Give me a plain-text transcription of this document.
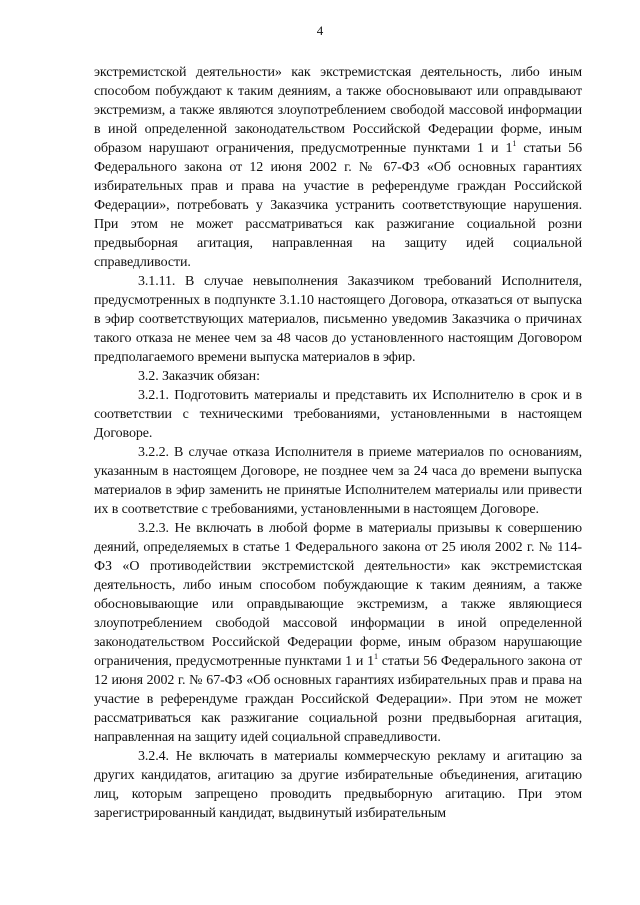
4

экстремистской деятельности» как экстремистская деятельность, либо иным способом побуждают к таким деяниям, а также обосновывают или оправдывают экстремизм, а также являются злоупотреблением свободой массовой информации в иной определенной законодательством Российской Федерации форме, иным образом нарушают ограничения, предусмотренные пунктами 1 и $1^1$ статьи 56 Федерального закона от 12 июня 2002 г. № 67-ФЗ «Об основных гарантиях избирательных прав и права на участие в референдуме граждан Российской Федерации», потребовать у Заказчика устранить соответствующие нарушения. При этом не может рассматриваться как разжигание социальной розни предвыборная агитация, направленная на защиту идей социальной справедливости.

3.1.11. В случае невыполнения Заказчиком требований Исполнителя, предусмотренных в подпункте 3.1.10 настоящего Договора, отказаться от выпуска в эфир соответствующих материалов, письменно уведомив Заказчика о причинах такого отказа не менее чем за 48 часов до установленного настоящим Договором предполагаемого времени выпуска материалов в эфир.

3.2. Заказчик обязан:

3.2.1. Подготовить материалы и представить их Исполнителю в срок и в соответствии с техническими требованиями, установленными в настоящем Договоре.

3.2.2. В случае отказа Исполнителя в приеме материалов по основаниям, указанным в настоящем Договоре, не позднее чем за 24 часа до времени выпуска материалов в эфир заменить не принятые Исполнителем материалы или привести их в соответствие с требованиями, установленными в настоящем Договоре.

3.2.3. Не включать в любой форме в материалы призывы к совершению деяний, определяемых в статье 1 Федерального закона от 25 июля 2002 г. № 114-ФЗ «О противодействии экстремистской деятельности» как экстремистская деятельность, либо иным способом побуждающие к таким деяниям, а также обосновывающие или оправдывающие экстремизм, а также являющиеся злоупотреблением свободой массовой информации в иной определенной законодательством Российской Федерации форме, иным образом нарушающие ограничения, предусмотренные пунктами 1 и $1^1$ статьи 56 Федерального закона от 12 июня 2002 г. № 67-ФЗ «Об основных гарантиях избирательных прав и права на участие в референдуме граждан Российской Федерации». При этом не может рассматриваться как разжигание социальной розни предвыборная агитация, направленная на защиту идей социальной справедливости.

3.2.4. Не включать в материалы коммерческую рекламу и агитацию за других кандидатов, агитацию за другие избирательные объединения, агитацию лиц, которым запрещено проводить предвыборную агитацию. При этом зарегистрированный кандидат, выдвинутый избирательным
